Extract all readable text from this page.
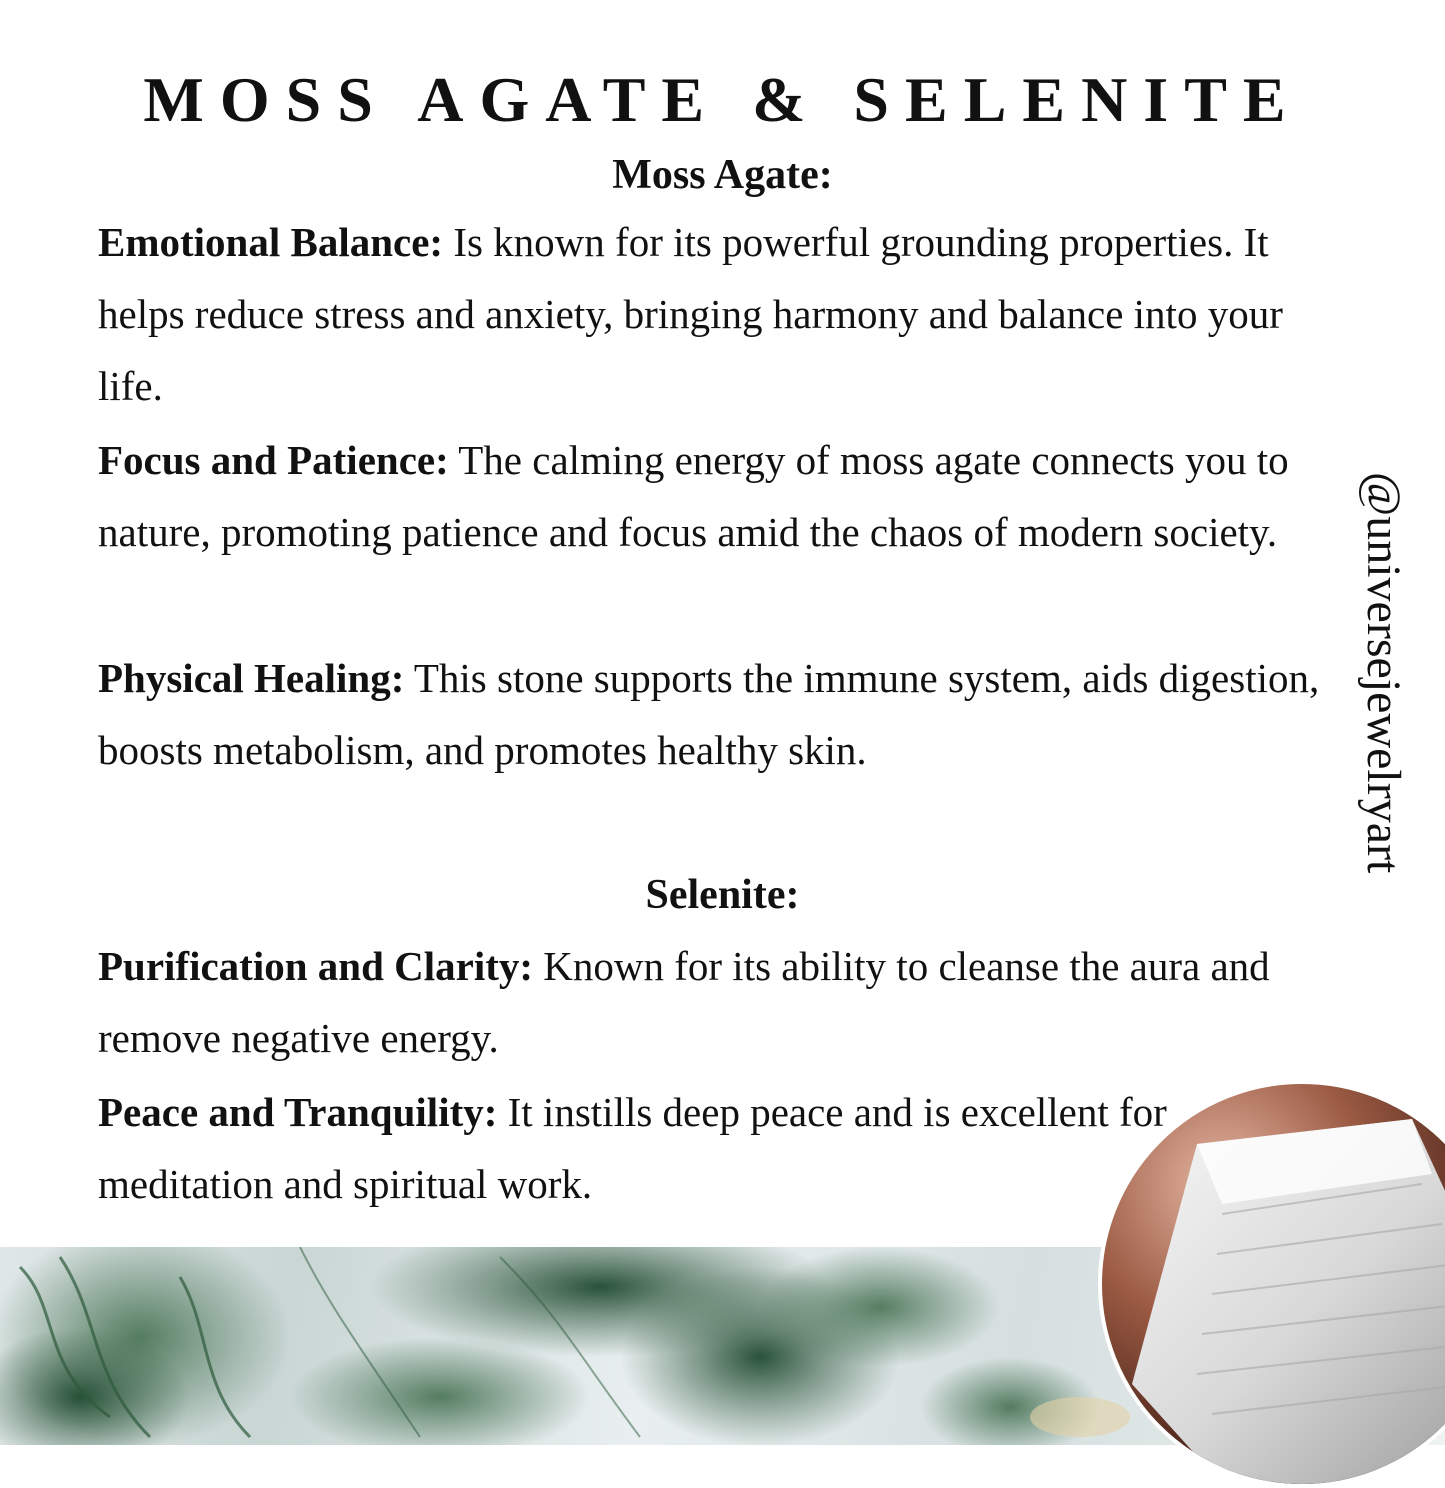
MOSS AGATE & SELENITE
Moss Agate:
Emotional Balance: Is known for its powerful grounding properties. It helps reduce stress and anxiety, bringing harmony and balance into your life.
Focus and Patience: The calming energy of moss agate connects you to nature, promoting patience and focus amid the chaos of modern society.
Physical Healing: This stone supports the immune system, aids digestion, boosts metabolism, and promotes healthy skin.
Selenite:
Purification and Clarity: Known for its ability to cleanse the aura and remove negative energy.
Peace and Tranquility: It instills deep peace and is excellent for meditation and spiritual work.
@universejewelryart
